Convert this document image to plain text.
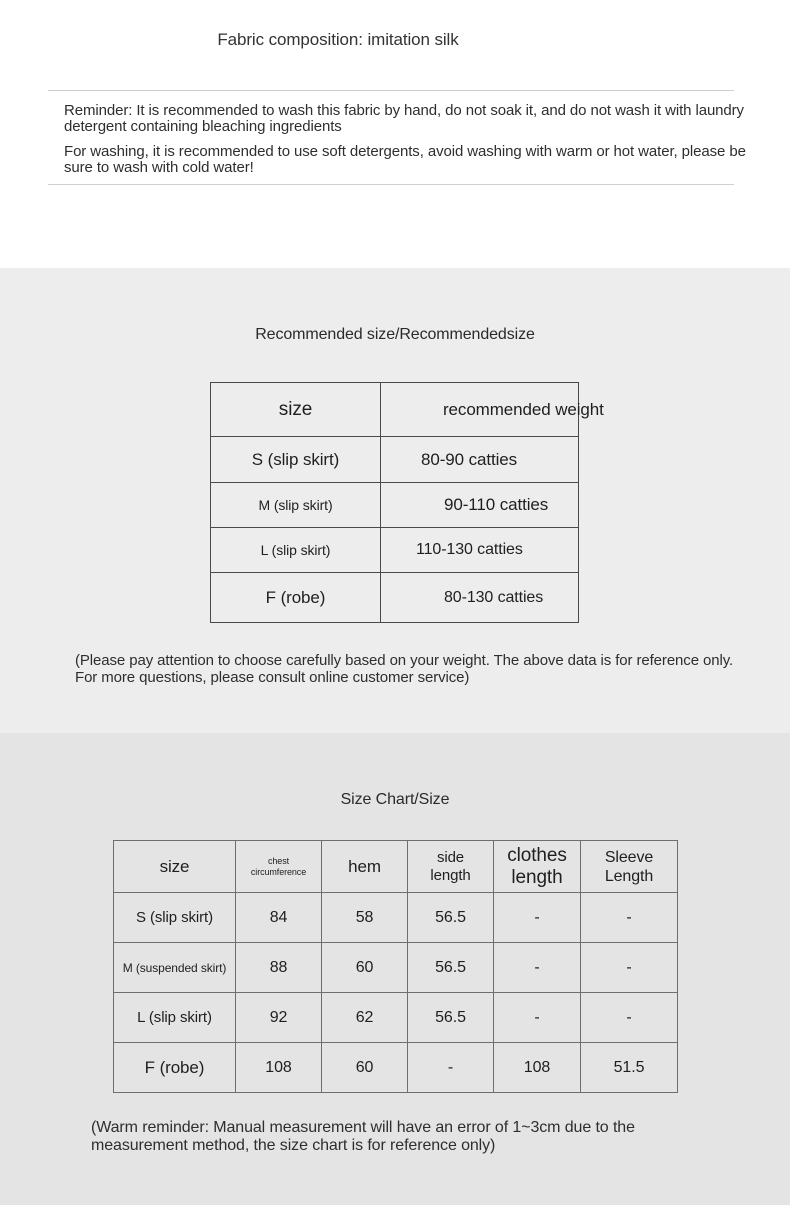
Fabric composition: imitation silk

Reminder: It is recommended to wash this fabric by hand, do not soak it, and do not wash it with laundry detergent containing bleaching ingredients

For washing, it is recommended to use soft detergents, avoid washing with warm or hot water, please be sure to wash with cold water!

Recommended size/Recommendedsize
size	recommended weight
S (slip skirt)	80-90 catties
M (slip skirt)	90-110 catties
L (slip skirt)	110-130 catties
F (robe)	80-130 catties

(Please pay attention to choose carefully based on your weight. The above data is for reference only. For more questions, please consult online customer service)

Size Chart/Size
size	chest circumference	hem	side length	clothes length	Sleeve Length
S (slip skirt)	84	58	56.5	-	-
M (suspended skirt)	88	60	56.5	-	-
L (slip skirt)	92	62	56.5	-	-
F (robe)	108	60	-	108	51.5

(Warm reminder: Manual measurement will have an error of 1~3cm due to the measurement method, the size chart is for reference only)
